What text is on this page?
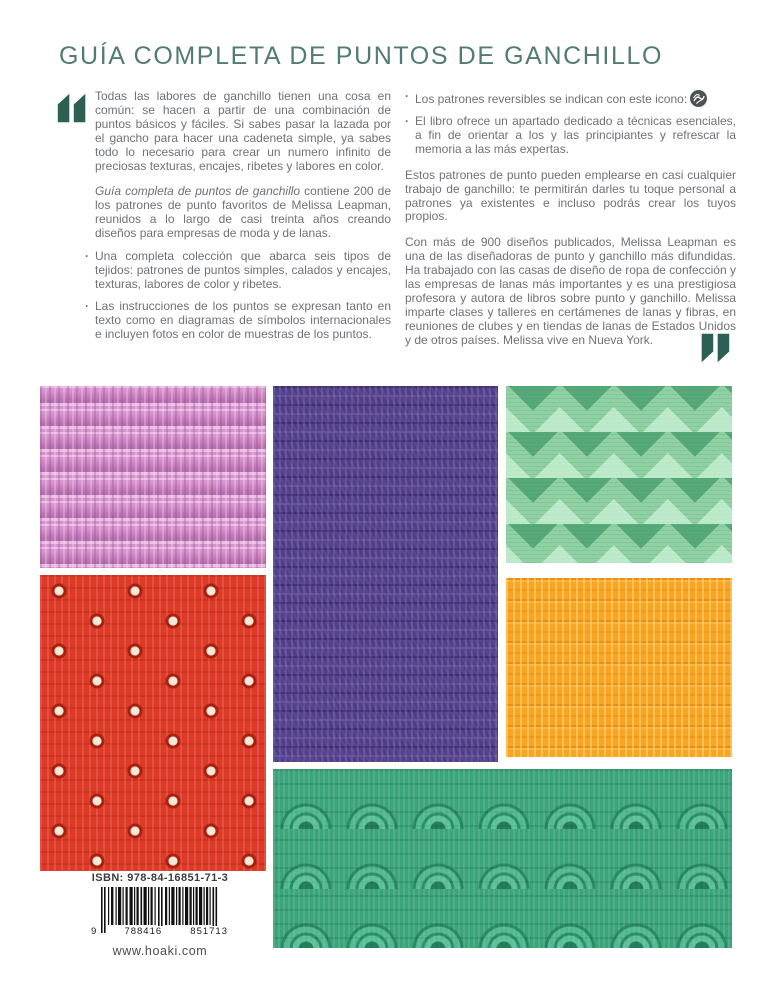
GUÍA COMPLETA DE PUNTOS DE GANCHILLO

Todas las labores de ganchillo tienen una cosa en común: se hacen a partir de una combinación de puntos básicos y fáciles. Si sabes pasar la lazada por el gancho para hacer una cadeneta simple, ya sabes todo lo necesario para crear un numero infinito de preciosas texturas, encajes, ribetes y labores en color.

Guía completa de puntos de ganchillo contiene 200 de los patrones de punto favoritos de Melissa Leapman, reunidos a lo largo de casi treinta años creando diseños para empresas de moda y de lanas.

· Una completa colección que abarca seis tipos de tejidos: patrones de puntos simples, calados y encajes, texturas, labores de color y ribetes.
· Las instrucciones de los puntos se expresan tanto en texto como en diagramas de símbolos internacionales e incluyen fotos en color de muestras de los puntos.
· Los patrones reversibles se indican con este icono:
· El libro ofrece un apartado dedicado a técnicas esenciales, a fin de orientar a los y las principiantes y refrescar la memoria a las más expertas.

Estos patrones de punto pueden emplearse en casi cualquier trabajo de ganchillo: te permitirán darles tu toque personal a patrones ya existentes e incluso podrás crear los tuyos propios.

Con más de 900 diseños publicados, Melissa Leapman es una de las diseñadoras de punto y ganchillo más difundidas. Ha trabajado con las casas de diseño de ropa de confección y las empresas de lanas más importantes y es una prestigiosa profesora y autora de libros sobre punto y ganchillo. Melissa imparte clases y talleres en certámenes de lanas y fibras, en reuniones de clubes y en tiendas de lanas de Estados Unidos y de otros países. Melissa vive en Nueva York.

ISBN: 978-84-16851-71-3
9	788416	851713
www.hoaki.com
